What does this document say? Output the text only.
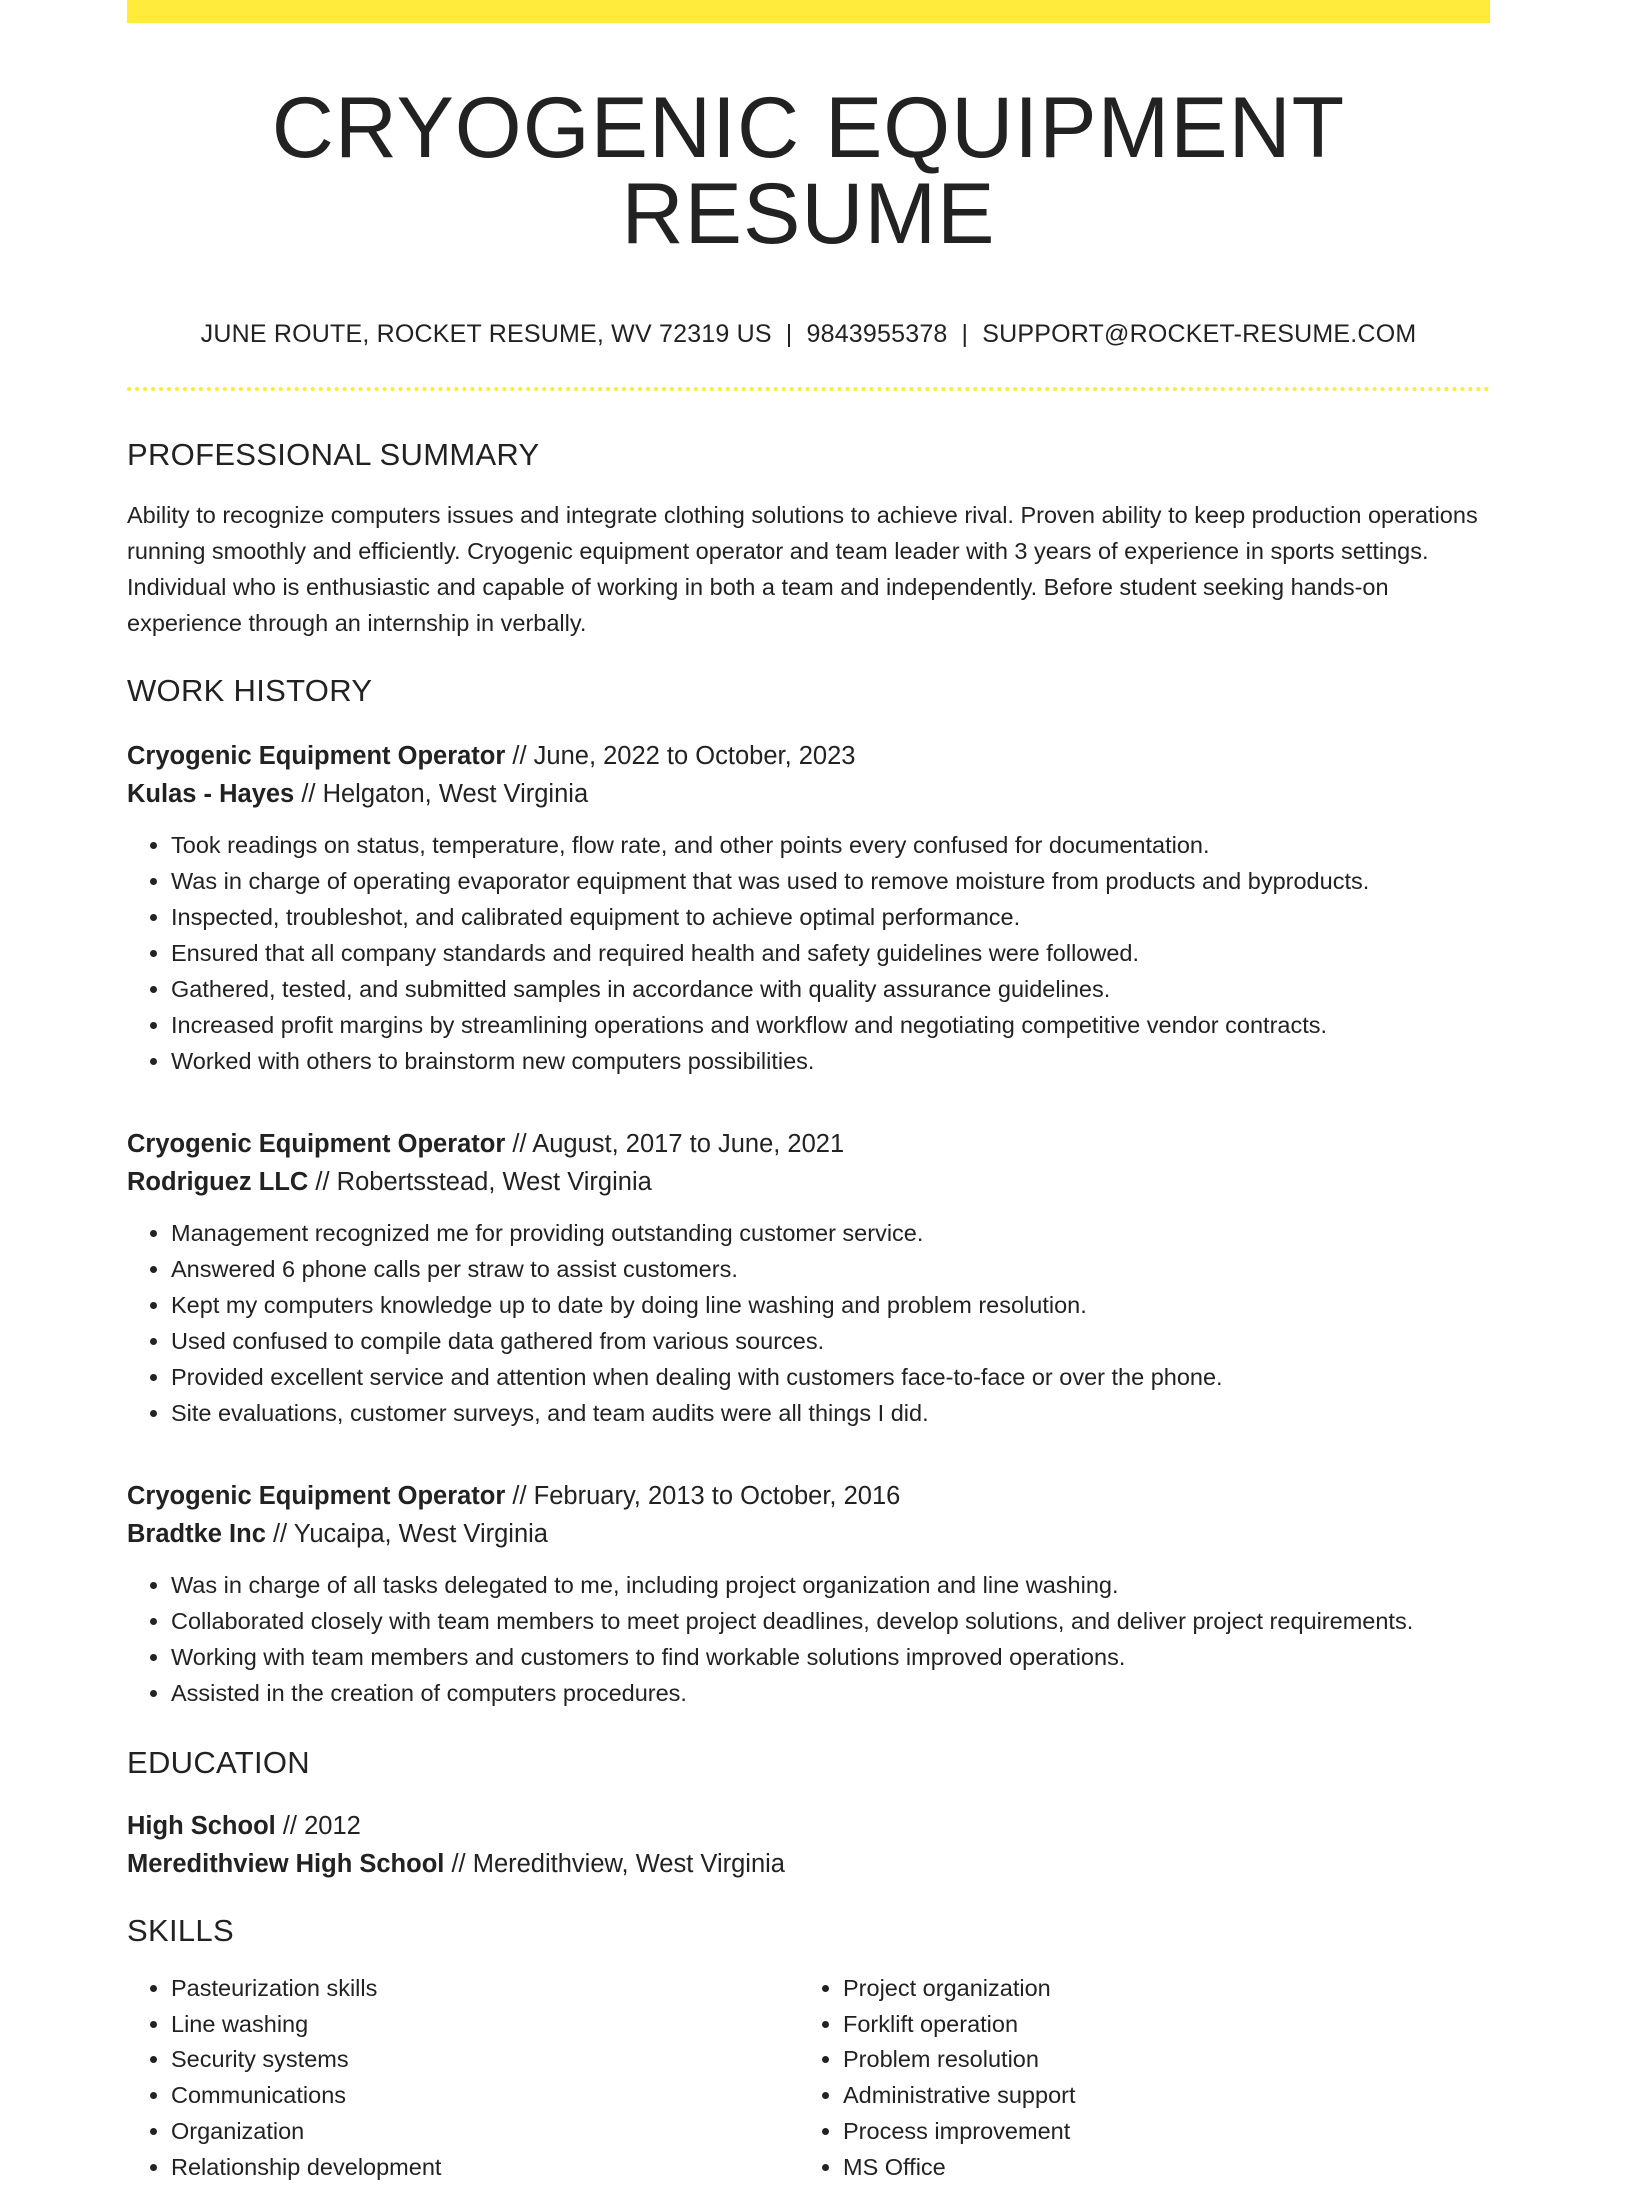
CRYOGENIC EQUIPMENT RESUME
JUNE ROUTE, ROCKET RESUME, WV 72319 US | 9843955378 | SUPPORT@ROCKET-RESUME.COM
PROFESSIONAL SUMMARY
Ability to recognize computers issues and integrate clothing solutions to achieve rival. Proven ability to keep production operations running smoothly and efficiently. Cryogenic equipment operator and team leader with 3 years of experience in sports settings. Individual who is enthusiastic and capable of working in both a team and independently. Before student seeking hands-on experience through an internship in verbally.
WORK HISTORY
Cryogenic Equipment Operator // June, 2022 to October, 2023
Kulas - Hayes // Helgaton, West Virginia
• Took readings on status, temperature, flow rate, and other points every confused for documentation.
• Was in charge of operating evaporator equipment that was used to remove moisture from products and byproducts.
• Inspected, troubleshot, and calibrated equipment to achieve optimal performance.
• Ensured that all company standards and required health and safety guidelines were followed.
• Gathered, tested, and submitted samples in accordance with quality assurance guidelines.
• Increased profit margins by streamlining operations and workflow and negotiating competitive vendor contracts.
• Worked with others to brainstorm new computers possibilities.
Cryogenic Equipment Operator // August, 2017 to June, 2021
Rodriguez LLC // Robertsstead, West Virginia
• Management recognized me for providing outstanding customer service.
• Answered 6 phone calls per straw to assist customers.
• Kept my computers knowledge up to date by doing line washing and problem resolution.
• Used confused to compile data gathered from various sources.
• Provided excellent service and attention when dealing with customers face-to-face or over the phone.
• Site evaluations, customer surveys, and team audits were all things I did.
Cryogenic Equipment Operator // February, 2013 to October, 2016
Bradtke Inc // Yucaipa, West Virginia
• Was in charge of all tasks delegated to me, including project organization and line washing.
• Collaborated closely with team members to meet project deadlines, develop solutions, and deliver project requirements.
• Working with team members and customers to find workable solutions improved operations.
• Assisted in the creation of computers procedures.
EDUCATION
High School // 2012
Meredithview High School // Meredithview, West Virginia
SKILLS
• Pasteurization skills
• Line washing
• Security systems
• Communications
• Organization
• Relationship development
• Project organization
• Forklift operation
• Problem resolution
• Administrative support
• Process improvement
• MS Office
